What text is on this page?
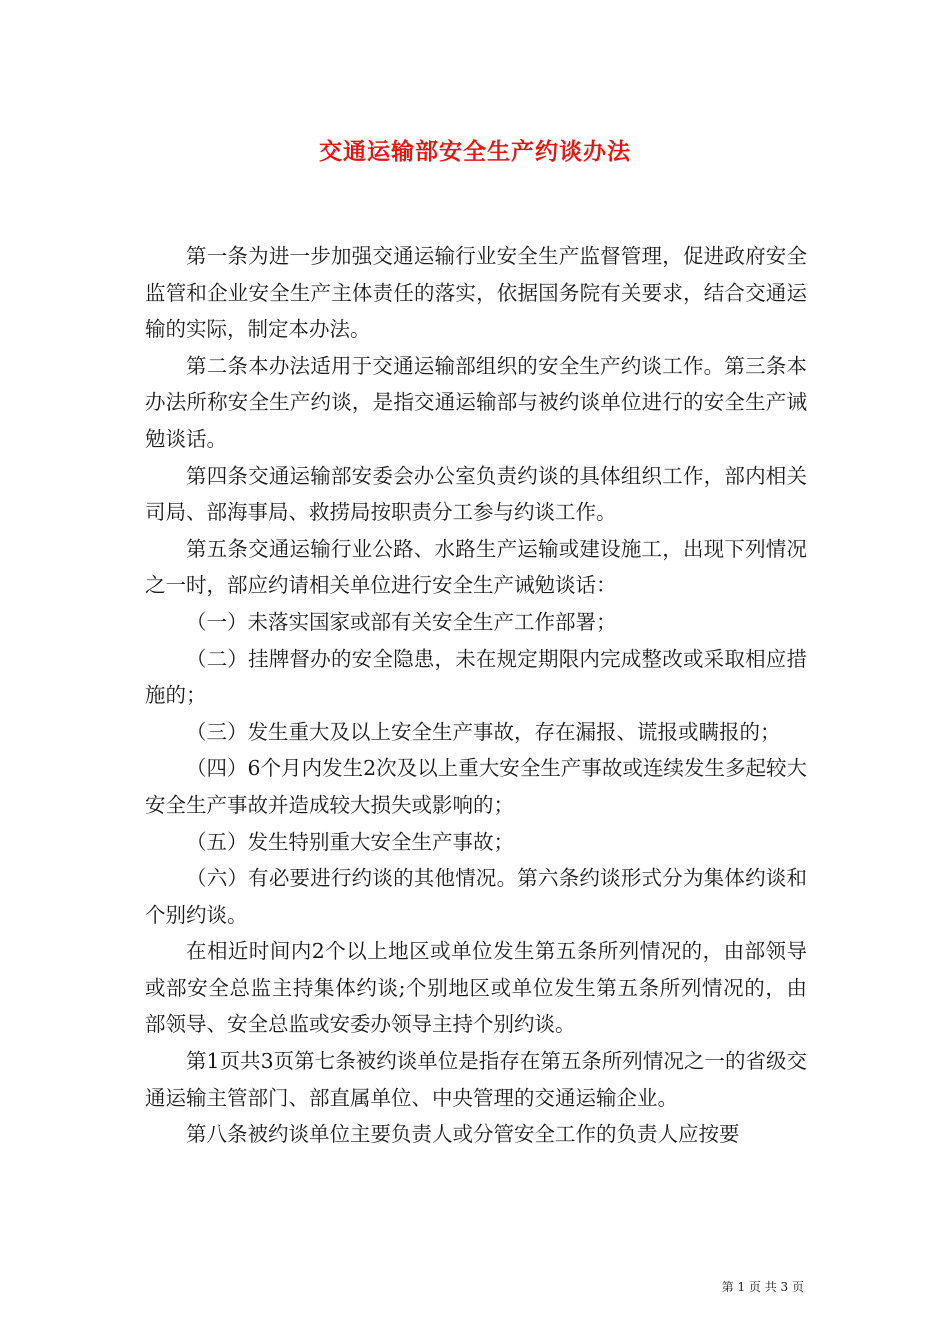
交通运输部安全生产约谈办法

第一条为进一步加强交通运输行业安全生产监督管理，促进政府安全监管和企业安全生产主体责任的落实，依据国务院有关要求，结合交通运输的实际，制定本办法。

第二条本办法适用于交通运输部组织的安全生产约谈工作。第三条本办法所称安全生产约谈，是指交通运输部与被约谈单位进行的安全生产诫勉谈话。

第四条交通运输部安委会办公室负责约谈的具体组织工作，部内相关司局、部海事局、救捞局按职责分工参与约谈工作。

第五条交通运输行业公路、水路生产运输或建设施工，出现下列情况之一时，部应约请相关单位进行安全生产诫勉谈话：

（一）未落实国家或部有关安全生产工作部署；

（二）挂牌督办的安全隐患，未在规定期限内完成整改或采取相应措施的；

（三）发生重大及以上安全生产事故，存在漏报、谎报或瞒报的；

（四）6个月内发生2次及以上重大安全生产事故或连续发生多起较大安全生产事故并造成较大损失或影响的；

（五）发生特别重大安全生产事故；

（六）有必要进行约谈的其他情况。第六条约谈形式分为集体约谈和个别约谈。

在相近时间内2个以上地区或单位发生第五条所列情况的，由部领导或部安全总监主持集体约谈;个别地区或单位发生第五条所列情况的，由部领导、安全总监或安委办领导主持个别约谈。

第1页共3页第七条被约谈单位是指存在第五条所列情况之一的省级交通运输主管部门、部直属单位、中央管理的交通运输企业。

第八条被约谈单位主要负责人或分管安全工作的负责人应按要

第 1 页 共 3 页
